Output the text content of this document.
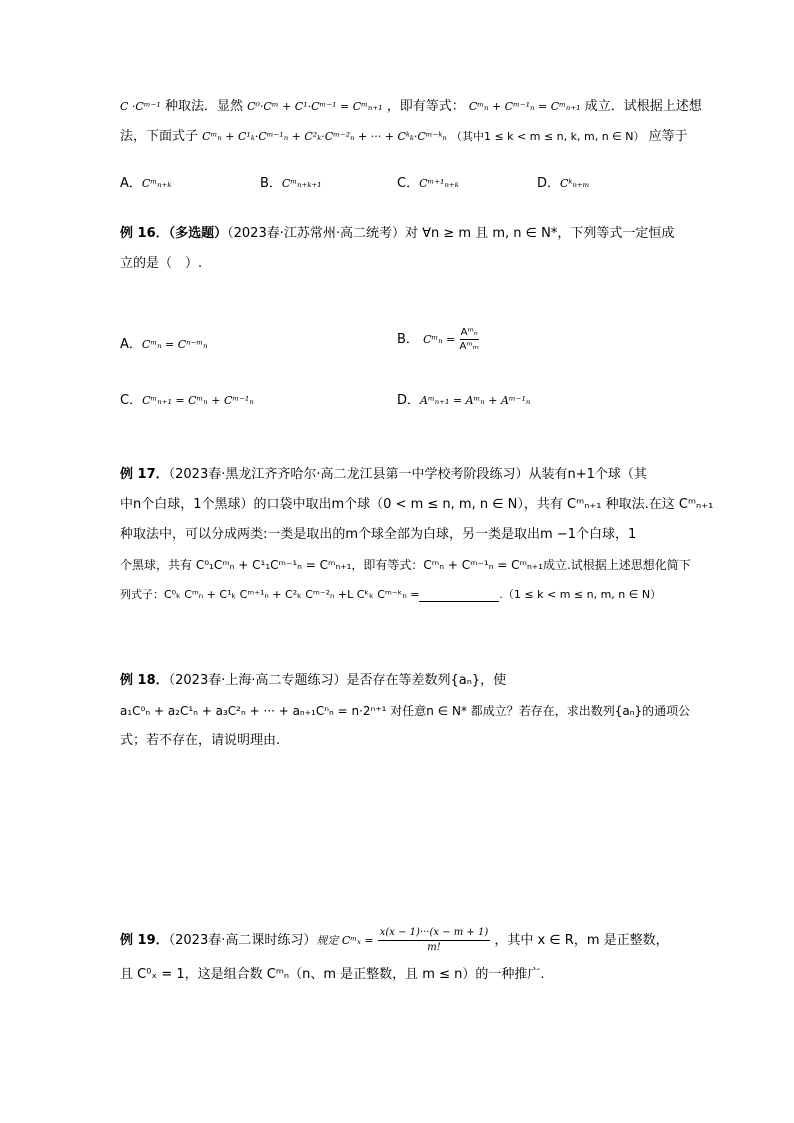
C ·Cᵐ⁻¹ 种取法．显然 C⁰·Cᵐ + C¹·Cᵐ⁻¹ = Cᵐₙ₊₁ ，即有等式： Cᵐₙ + Cᵐ⁻¹ₙ = Cᵐₙ₊₁ 成立．试根据上述想
法，下面式子 Cᵐₙ + C¹ₖ·Cᵐ⁻¹ₙ + C²ₖ·Cᵐ⁻²ₙ + ··· + Cᵏₖ·Cᵐ⁻ᵏₙ （其中1 ≤ k < m ≤ n, k, m, n ∈ N） 应等于
A．Cᵐₙ₊ₖ	B．Cᵐₙ₊ₖ₊₁	C．Cᵐ⁺¹ₙ₊ₖ	D．Cᵏₙ₊ₘ
例 16．（多选题）（2023春·江苏常州·高二统考）对 ∀n ≥ m 且 m, n ∈ N*，下列等式一定恒成
立的是（　）.
A．Cᵐₙ = Cⁿ⁻ᵐₙ	B． Cᵐₙ =
Aᵐₙ
Aᵐₘ
C．Cᵐₙ₊₁ = Cᵐₙ + Cᵐ⁻¹ₙ	D．Aᵐₙ₊₁ = Aᵐₙ + Aᵐ⁻¹ₙ
例 17．（2023春·黑龙江齐齐哈尔·高二龙江县第一中学校考阶段练习）从装有n+1个球（其
中n个白球，1个黑球）的口袋中取出m个球（0 < m ≤ n, m, n ∈ N），共有 Cᵐₙ₊₁ 种取法.在这 Cᵐₙ₊₁
种取法中，可以分成两类:一类是取出的m个球全部为白球，另一类是取出m −1个白球，1
个黑球，共有 C⁰₁Cᵐₙ + C¹₁Cᵐ⁻¹ₙ = Cᵐₙ₊₁，即有等式：Cᵐₙ + Cᵐ⁻¹ₙ = Cᵐₙ₊₁成立.试根据上述思想化简下
列式子：C⁰ₖ Cᵐₙ + C¹ₖ Cᵐ⁺¹ₙ + C²ₖ Cᵐ⁻²ₙ +L Cᵏₖ Cᵐ⁻ᵏₙ =	.（1 ≤ k < m ≤ n, m, n ∈ N）
例 18．（2023春·上海·高二专题练习）是否存在等差数列{aₙ}，使
a₁C⁰ₙ + a₂C¹ₙ + a₃C²ₙ + ··· + aₙ₊₁Cⁿₙ = n·2ⁿ⁺¹ 对任意n ∈ N* 都成立？若存在，求出数列{aₙ}的通项公
式；若不存在，请说明理由.
例 19．（2023春·高二课时练习）规定 Cᵐₓ = $\frac{x(x - 1)\cdot\cdot\cdot(x - m + 1)}{m!}$ ，其中 x ∈ R，m 是正整数，
且 C⁰ₓ = 1，这是组合数 Cᵐₙ（n、m 是正整数，且 m ≤ n）的一种推广.
